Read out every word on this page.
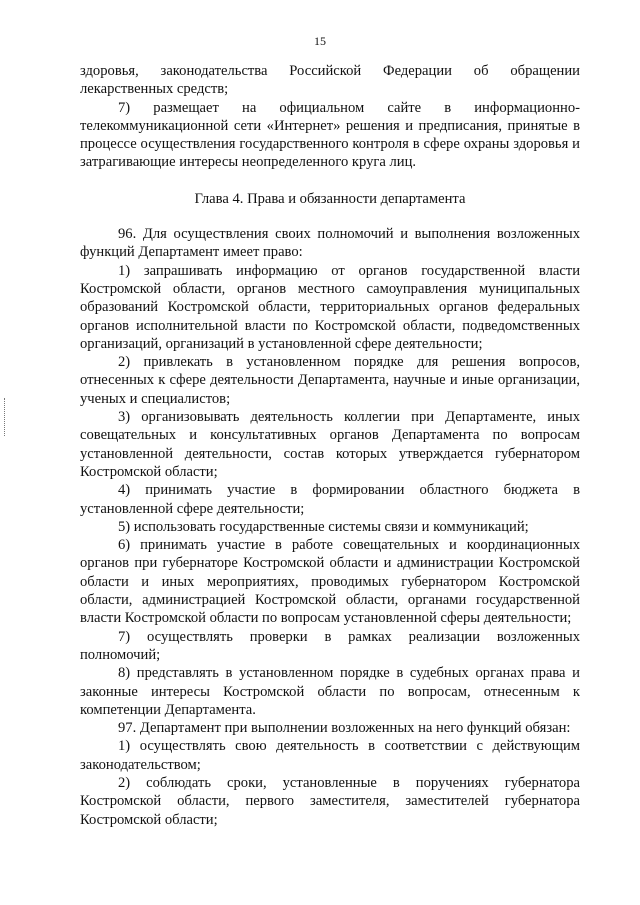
15

здоровья, законодательства Российской Федерации об обращении лекарственных средств;

7) размещает на официальном сайте в информационно-телекоммуникационной сети «Интернет» решения и предписания, принятые в процессе осуществления государственного контроля в сфере охраны здоровья и затрагивающие интересы неопределенного круга лиц.

Глава 4. Права и обязанности департамента

96. Для осуществления своих полномочий и выполнения возложенных функций Департамент имеет право:

1) запрашивать информацию от органов государственной власти Костромской области, органов местного самоуправления муниципальных образований Костромской области, территориальных органов федеральных органов исполнительной власти по Костромской области, подведомственных организаций, организаций в установленной сфере деятельности;

2) привлекать в установленном порядке для решения вопросов, отнесенных к сфере деятельности Департамента, научные и иные организации, ученых и специалистов;

3) организовывать деятельность коллегии при Департаменте, иных совещательных и консультативных органов Департамента по вопросам установленной деятельности, состав которых утверждается губернатором Костромской области;

4) принимать участие в формировании областного бюджета в установленной сфере деятельности;

5) использовать государственные системы связи и коммуникаций;

6) принимать участие в работе совещательных и координационных органов при губернаторе Костромской области и администрации Костромской области и иных мероприятиях, проводимых губернатором Костромской области, администрацией Костромской области, органами государственной власти Костромской области по вопросам установленной сферы деятельности;

7) осуществлять проверки в рамках реализации возложенных полномочий;

8) представлять в установленном порядке в судебных органах права и законные интересы Костромской области по вопросам, отнесенным к компетенции Департамента.

97. Департамент при выполнении возложенных на него функций обязан:

1) осуществлять свою деятельность в соответствии с действующим законодательством;

2) соблюдать сроки, установленные в поручениях губернатора Костромской области, первого заместителя, заместителей губернатора Костромской области;
